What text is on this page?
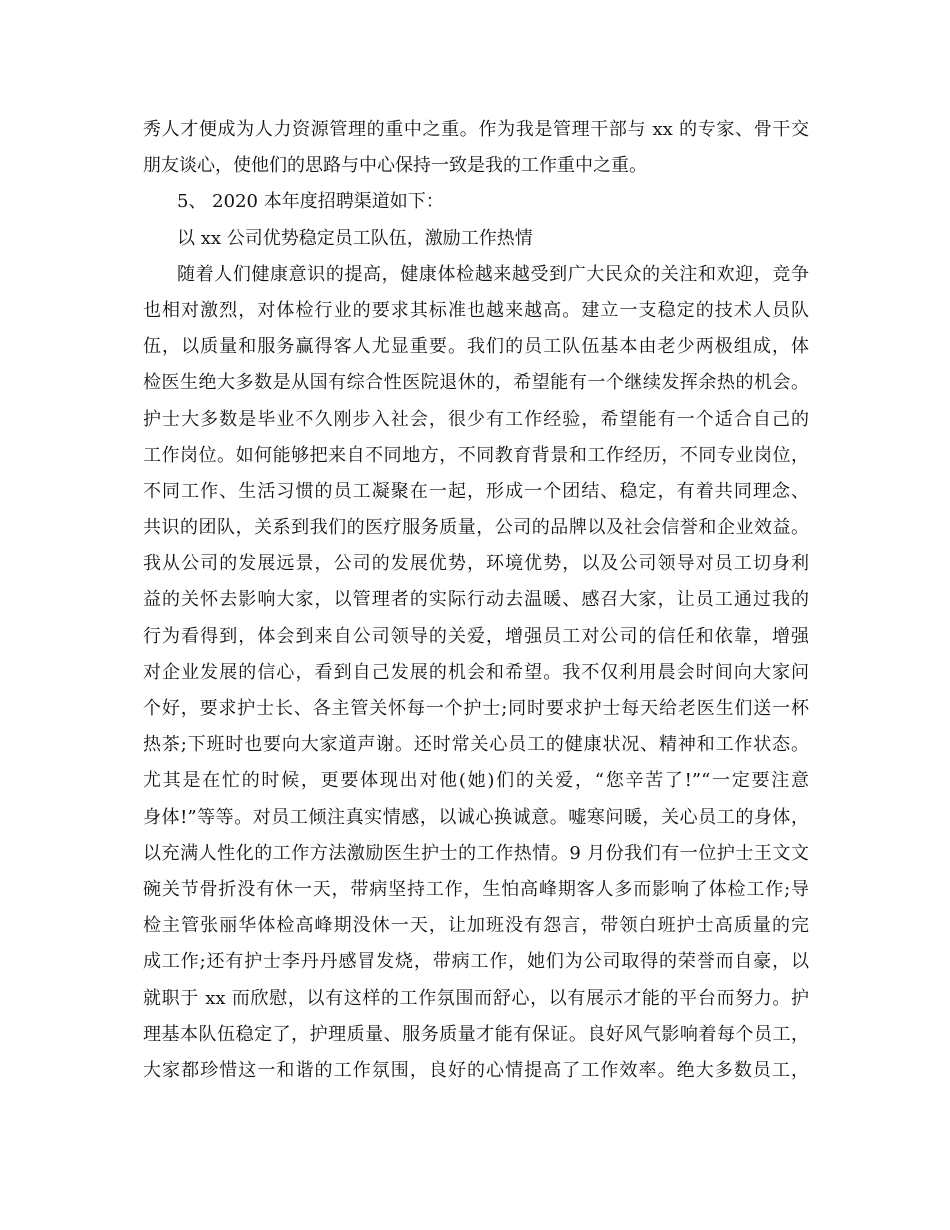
秀人才便成为人力资源管理的重中之重。作为我是管理干部与 xx 的专家、骨干交
朋友谈心，使他们的思路与中心保持一致是我的工作重中之重。
5、 2020 本年度招聘渠道如下：
以 xx 公司优势稳定员工队伍，激励工作热情
随着人们健康意识的提高，健康体检越来越受到广大民众的关注和欢迎，竞争
也相对激烈，对体检行业的要求其标准也越来越高。建立一支稳定的技术人员队
伍，以质量和服务赢得客人尤显重要。我们的员工队伍基本由老少两极组成，体
检医生绝大多数是从国有综合性医院退休的，希望能有一个继续发挥余热的机会。
护士大多数是毕业不久刚步入社会，很少有工作经验，希望能有一个适合自己的
工作岗位。如何能够把来自不同地方，不同教育背景和工作经历，不同专业岗位，
不同工作、生活习惯的员工凝聚在一起，形成一个团结、稳定，有着共同理念、
共识的团队，关系到我们的医疗服务质量，公司的品牌以及社会信誉和企业效益。
我从公司的发展远景，公司的发展优势，环境优势，以及公司领导对员工切身利
益的关怀去影响大家，以管理者的实际行动去温暖、感召大家，让员工通过我的
行为看得到，体会到来自公司领导的关爱，增强员工对公司的信任和依靠，增强
对企业发展的信心，看到自己发展的机会和希望。我不仅利用晨会时间向大家问
个好，要求护士长、各主管关怀每一个护士;同时要求护士每天给老医生们送一杯
热茶;下班时也要向大家道声谢。还时常关心员工的健康状况、精神和工作状态。
尤其是在忙的时候，更要体现出对他(她)们的关爱，“您辛苦了!”“一定要注意
身体!”等等。对员工倾注真实情感，以诚心换诚意。嘘寒问暖，关心员工的身体，
以充满人性化的工作方法激励医生护士的工作热情。9 月份我们有一位护士王文文
碗关节骨折没有休一天，带病坚持工作，生怕高峰期客人多而影响了体检工作;导
检主管张丽华体检高峰期没休一天，让加班没有怨言，带领白班护士高质量的完
成工作;还有护士李丹丹感冒发烧，带病工作，她们为公司取得的荣誉而自豪，以
就职于 xx 而欣慰，以有这样的工作氛围而舒心，以有展示才能的平台而努力。护
理基本队伍稳定了，护理质量、服务质量才能有保证。良好风气影响着每个员工，
大家都珍惜这一和谐的工作氛围，良好的心情提高了工作效率。绝大多数员工，
